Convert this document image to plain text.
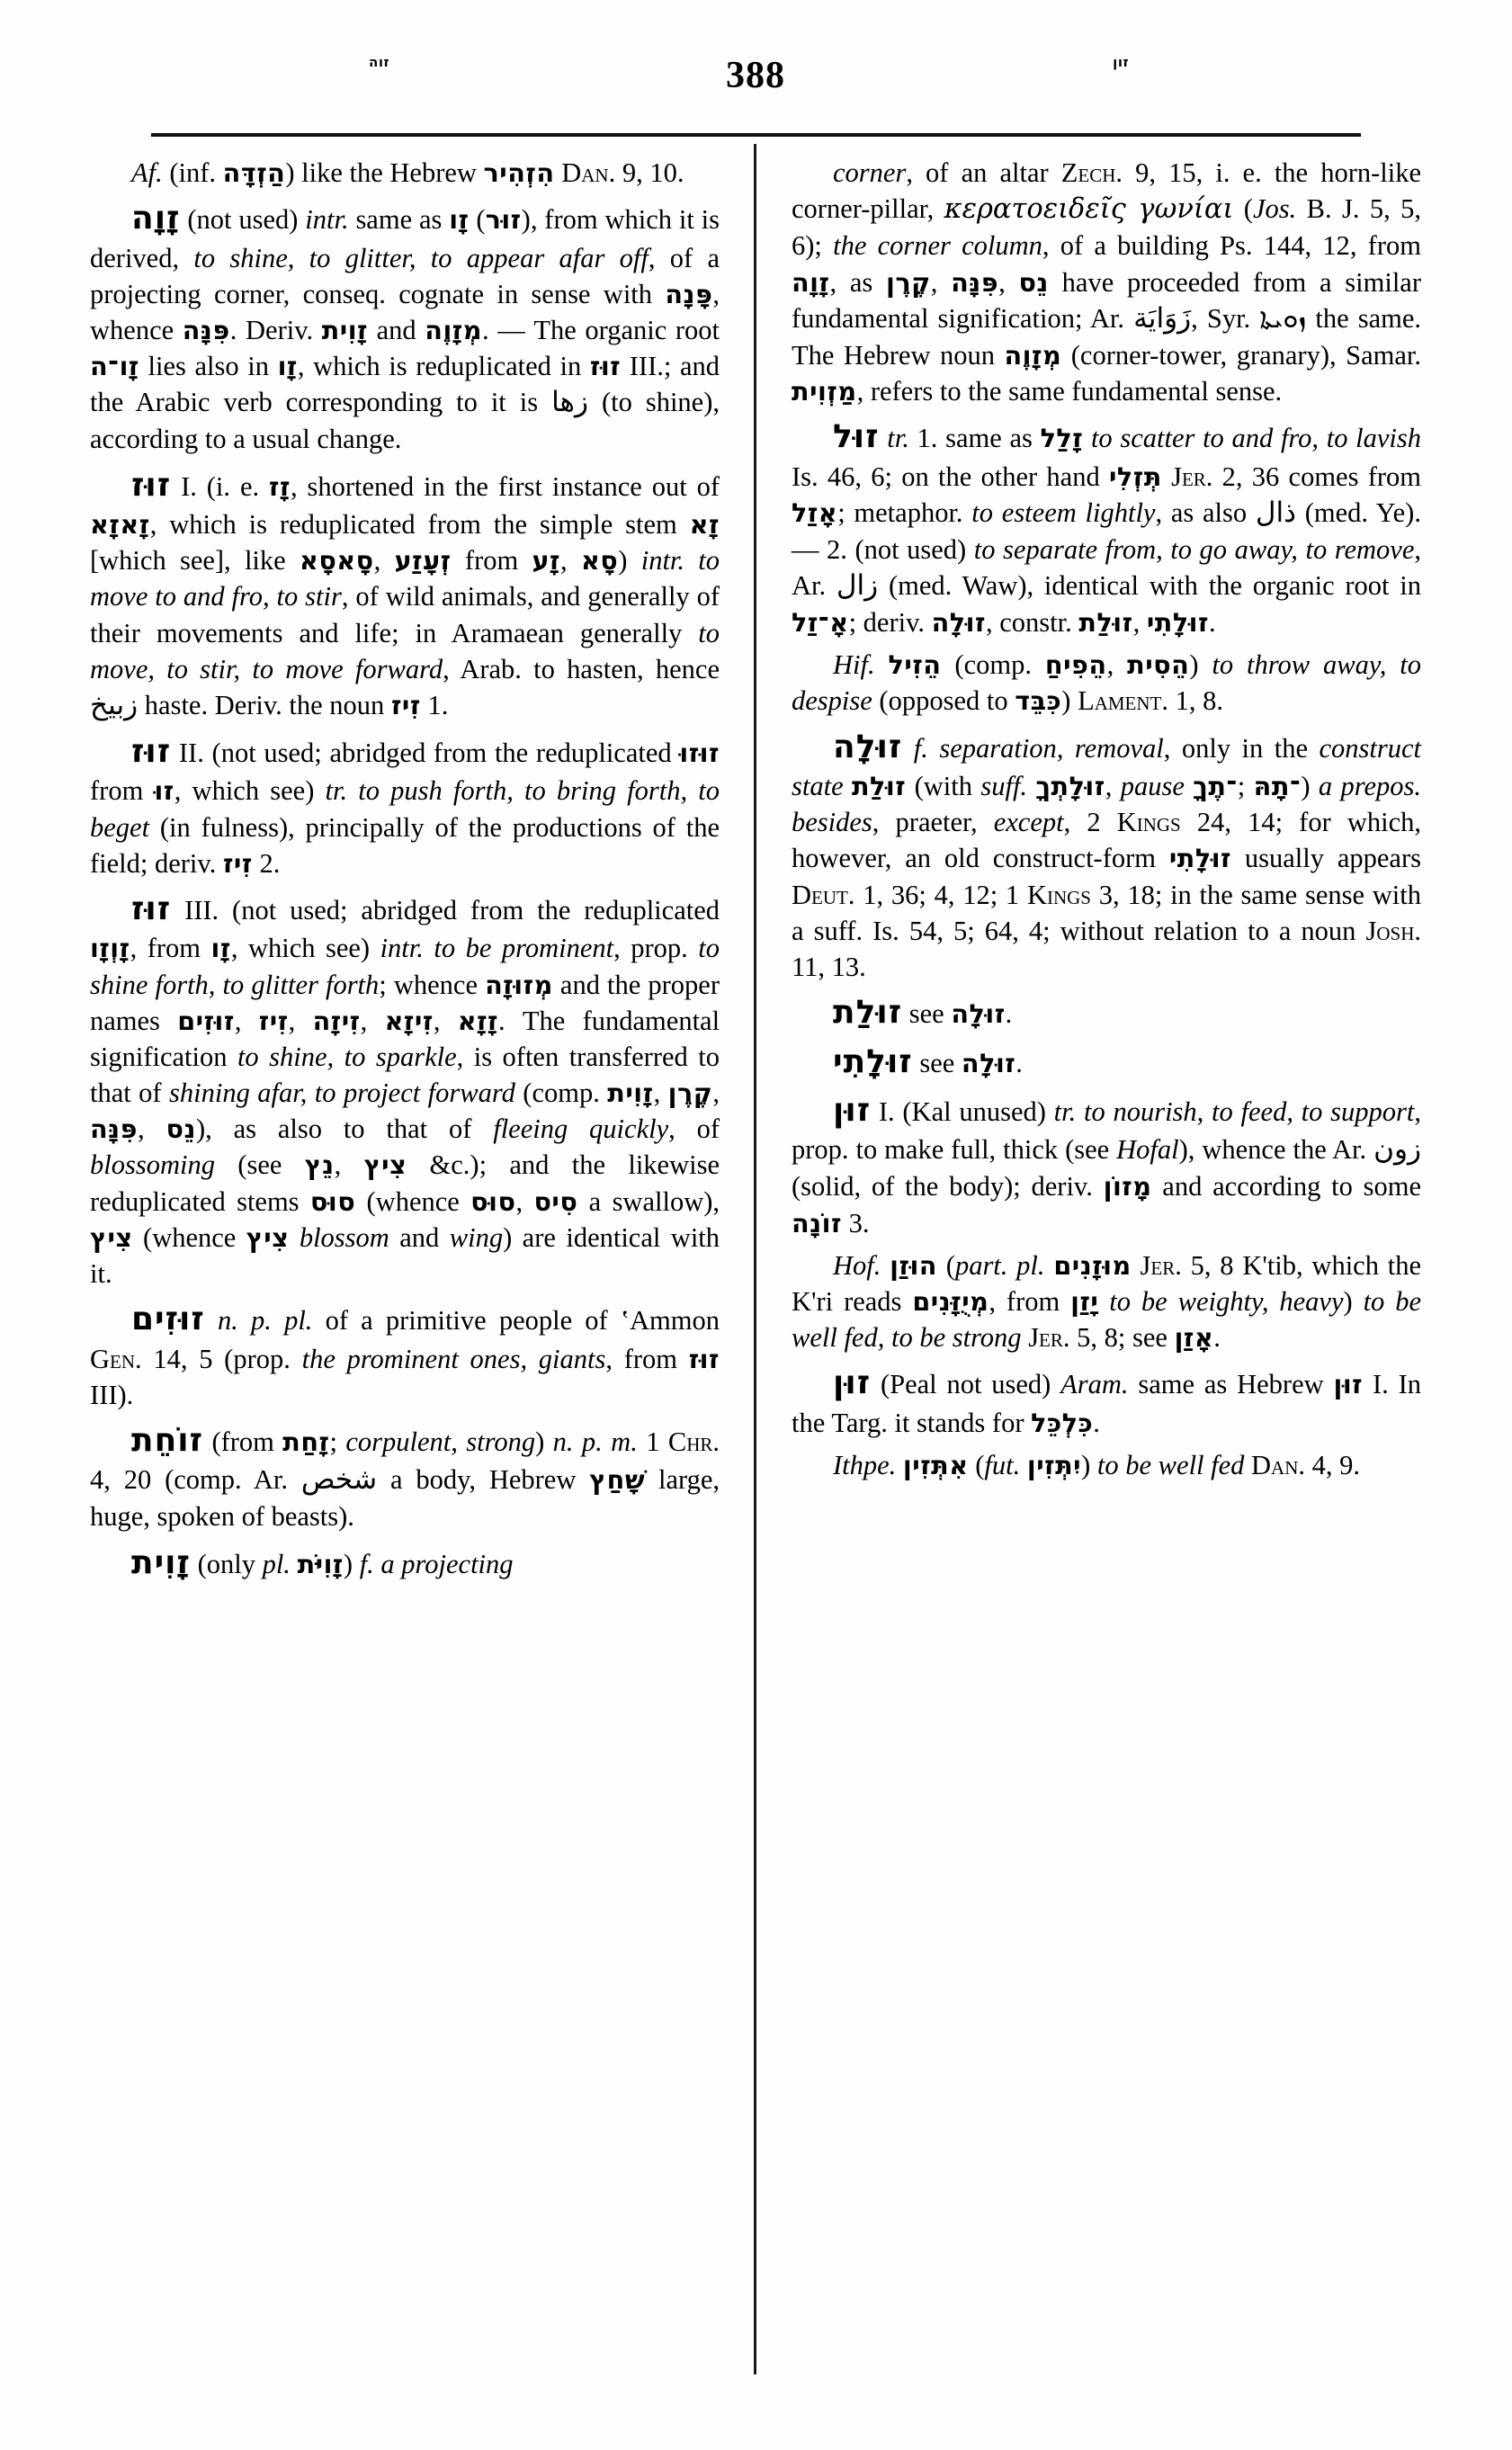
זוה	388	זון

Af. (inf. הַזְדָּה) like the Hebrew הִזְהִיר Dan. 9, 10.

זָוָה (not used) intr. same as זָו (זוּר), from which it is derived, to shine, to glitter, to appear afar off, of a projecting corner, conseq. cognate in sense with פָּנָה, whence פִּנָּה. Deriv. זָוִית and מְזָוֶה. — The organic root זָו־ה lies also in זָו, which is reduplicated in זוּז III.; and the Arabic verb corresponding to it is زها (to shine), according to a usual change.

זוּז I. (i. e. זָז, shortened in the first instance out of זָאזָא, which is reduplicated from the simple stem זָא [which see], like סָאסָא, זְעָזַע from זָע, סָא) intr. to move to and fro, to stir, of wild animals, and generally of their movements and life; in Aramaean generally to move, to stir, to move forward, Arab. to hasten, hence زبيخ haste. Deriv. the noun זִיז 1.

זוּז II. (not used; abridged from the reduplicated זוּזוּ from זוּ, which see) tr. to push forth, to bring forth, to beget (in fulness), principally of the productions of the field; deriv. זִיז 2.

זוּז III. (not used; abridged from the reduplicated זָוְזָו, from זָו, which see) intr. to be prominent, prop. to shine forth, to glitter forth; whence מְזוּזָה and the proper names זוּזִים, זִיז, זִיזָה, זִיזָא, זָזָא. The fundamental signification to shine, to sparkle, is often transferred to that of shining afar, to project forward (comp. זָוִית, קֶרֶן, פִּנָּה, נֵס), as also to that of fleeing quickly, of blossoming (see נֵץ, צִיץ &c.); and the likewise reduplicated stems סוּס (whence סוּס, סִיס a swallow), צִיץ (whence צִיץ blossom and wing) are identical with it.

זוּזִים n. p. pl. of a primitive people of ʽAmmon Gen. 14, 5 (prop. the prominent ones, giants, from זוּז III).

זוֹחֵת (from זָחַת; corpulent, strong) n. p. m. 1 Chr. 4, 20 (comp. Ar. شخص a body, Hebrew שָׁחַץ large, huge, spoken of beasts).

זָוִית (only pl. זָוִיֹּת) f. a projecting

corner, of an altar Zech. 9, 15, i. e. the horn-like corner-pillar, κερατοειδεῖς γωνίαι (Jos. B. J. 5, 5, 6); the corner column, of a building Ps. 144, 12, from זָוָה, as קֶרֶן, פִּנָּה, נֵס have proceeded from a similar fundamental signification; Ar. زَوَايَة, Syr. ܙܘܝܬܐ the same. The Hebrew noun מְזָוֶה (corner-tower, granary), Samar. מַזְוִית, refers to the same fundamental sense.

זוּל tr. 1. same as זָלַל to scatter to and fro, to lavish Is. 46, 6; on the other hand תְּזְלִי Jer. 2, 36 comes from אָזַל; metaphor. to esteem lightly, as also ذال (med. Ye). — 2. (not used) to separate from, to go away, to remove, Ar. زال (med. Waw), identical with the organic root in אָ־זַל; deriv. זוּלָה, constr. זוּלַת, זוּלָתִי.

Hif. הֵזִיל (comp. הֵפִיחַ, הֵסִית) to throw away, to despise (opposed to כִּבֵּד) Lament. 1, 8.

זוּלָה f. separation, removal, only in the construct state זוּלַת (with suff. זוּלָתְךָ, pause ־תֶךָ; ־תָהּ) a prepos. besides, praeter, except, 2 Kings 24, 14; for which, however, an old construct-form זוּלָתִי usually appears Deut. 1, 36; 4, 12; 1 Kings 3, 18; in the same sense with a suff. Is. 54, 5; 64, 4; without relation to a noun Josh. 11, 13.

זוּלַת see זוּלָה.

זוּלָתִי see זוּלָה.

זוּן I. (Kal unused) tr. to nourish, to feed, to support, prop. to make full, thick (see Hofal), whence the Ar. زون (solid, of the body); deriv. מָזוֹן and according to some זוֹנָה 3.

Hof. הוּזַן (part. pl. מוּזָנִים Jer. 5, 8 K'tib, which the K'ri reads מְיֻזָּנִים, from יָזַן to be weighty, heavy) to be well fed, to be strong Jer. 5, 8; see אָזַן.

זוּן (Peal not used) Aram. same as Hebrew זוּן I. In the Targ. it stands for כִּלְכֵּל.

Ithpe. אִתְּזִין (fut. יִתְּזִין) to be well fed Dan. 4, 9.
